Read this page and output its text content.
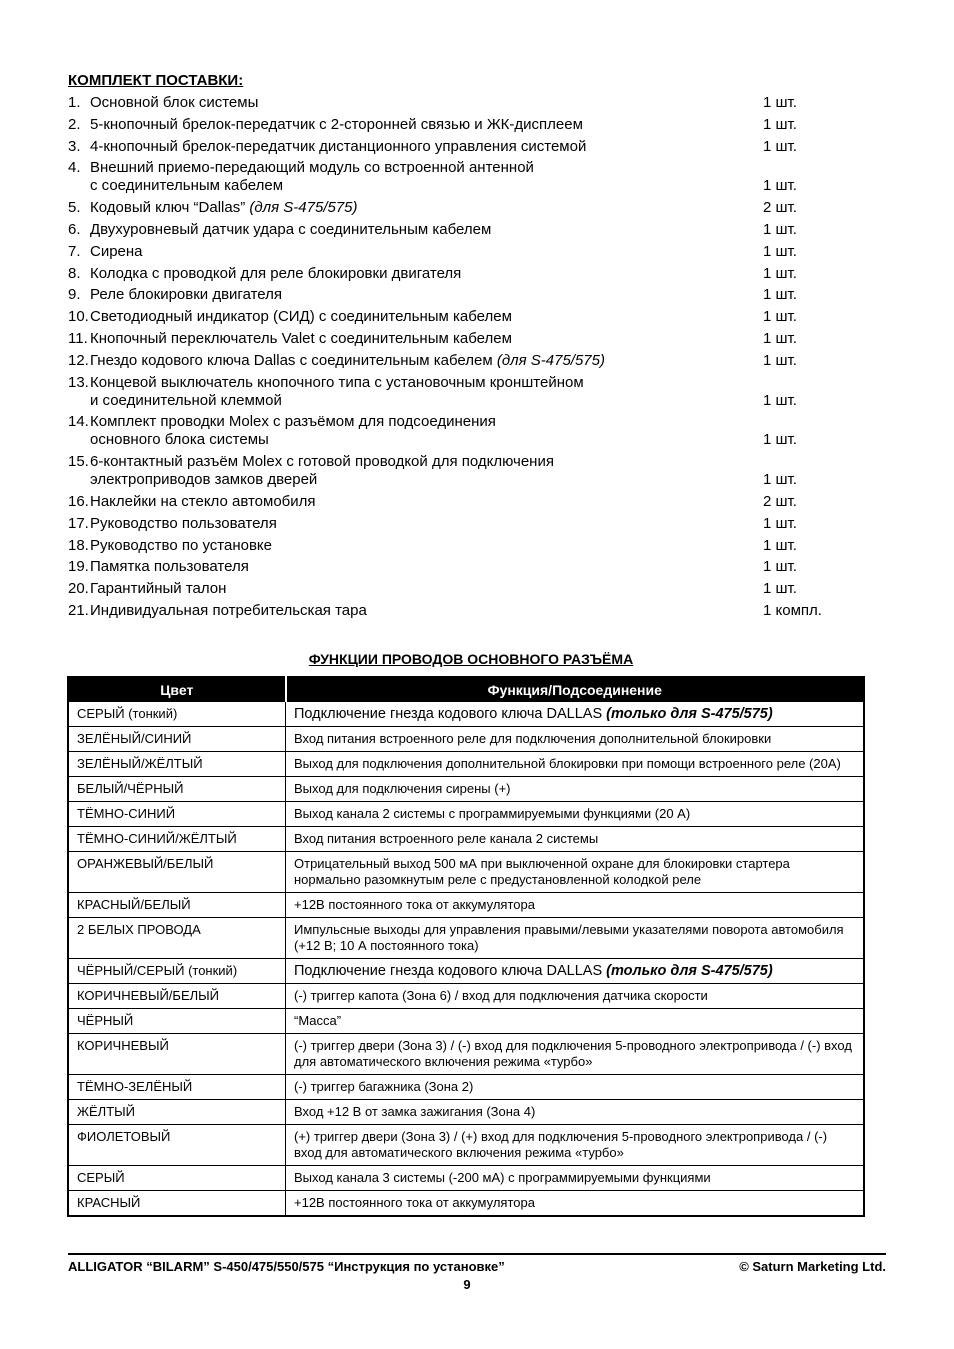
КОМПЛЕКТ ПОСТАВКИ:
1. Основной блок системы	1 шт.
2. 5-кнопочный брелок-передатчик с 2-сторонней связью и ЖК-дисплеем	1 шт.
3. 4-кнопочный брелок-передатчик дистанционного управления системой	1 шт.
4. Внешний приемо-передающий модуль со встроенной антенной
с соединительным кабелем	1 шт.
5. Кодовый ключ “Dallas” (для S-475/575)	2 шт.
6. Двухуровневый датчик удара с соединительным кабелем	1 шт.
7. Сирена	1 шт.
8. Колодка с проводкой для реле блокировки двигателя	1 шт.
9. Реле блокировки двигателя	1 шт.
10. Светодиодный индикатор (СИД) с соединительным кабелем	1 шт.
11. Кнопочный переключатель Valet с соединительным кабелем	1 шт.
12. Гнездо кодового ключа Dallas с соединительным кабелем (для S-475/575)	1 шт.
13. Концевой выключатель кнопочного типа с установочным кронштейном
и соединительной клеммой	1 шт.
14. Комплект проводки Molex с разъёмом для подсоединения
основного блока системы	1 шт.
15. 6-контактный разъём Molex с готовой проводкой для подключения
электроприводов замков дверей	1 шт.
16. Наклейки на стекло автомобиля	2 шт.
17. Руководство пользователя	1 шт.
18. Руководство по установке	1 шт.
19. Памятка пользователя	1 шт.
20. Гарантийный талон	1 шт.
21. Индивидуальная потребительская тара	1 компл.
ФУНКЦИИ ПРОВОДОВ ОСНОВНОГО РАЗЪЁМА
Цвет	Функция/Подсоединение
СЕРЫЙ (тонкий)	Подключение гнезда кодового ключа DALLAS (только для S-475/575)
ЗЕЛЁНЫЙ/СИНИЙ	Вход питания встроенного реле для подключения дополнительной блокировки
ЗЕЛЁНЫЙ/ЖЁЛТЫЙ	Выход для подключения дополнительной блокировки при помощи встроенного реле (20А)
БЕЛЫЙ/ЧЁРНЫЙ	Выход для подключения сирены (+)
ТЁМНО-СИНИЙ	Выход канала 2 системы с программируемыми функциями (20 А)
ТЁМНО-СИНИЙ/ЖЁЛТЫЙ	Вход питания встроенного реле канала 2 системы
ОРАНЖЕВЫЙ/БЕЛЫЙ	Отрицательный выход 500 мА при выключенной охране для блокировки стартера нормально разомкнутым реле с предустановленной колодкой реле
КРАСНЫЙ/БЕЛЫЙ	+12В постоянного тока от аккумулятора
2 БЕЛЫХ ПРОВОДА	Импульсные выходы для управления правыми/левыми указателями поворота автомобиля (+12 В; 10 А постоянного тока)
ЧЁРНЫЙ/СЕРЫЙ (тонкий)	Подключение гнезда кодового ключа DALLAS (только для S-475/575)
КОРИЧНЕВЫЙ/БЕЛЫЙ	(-) триггер капота (Зона 6) / вход для подключения датчика скорости
ЧЁРНЫЙ	“Масса”
КОРИЧНЕВЫЙ	(-) триггер двери (Зона 3) / (-) вход для подключения 5-проводного электропривода / (-) вход для автоматического включения режима «турбо»
ТЁМНО-ЗЕЛЁНЫЙ	(-) триггер багажника (Зона 2)
ЖЁЛТЫЙ	Вход +12 В от замка зажигания (Зона 4)
ФИОЛЕТОВЫЙ	(+) триггер двери (Зона 3) / (+) вход для подключения 5-проводного электропривода / (-) вход для автоматического включения режима «турбо»
СЕРЫЙ	Выход канала 3 системы (-200 мА) с программируемыми функциями
КРАСНЫЙ	+12В постоянного тока от аккумулятора
ALLIGATOR “BILARM” S-450/475/550/575 “Инструкция по установке”	© Saturn Marketing Ltd.
9
